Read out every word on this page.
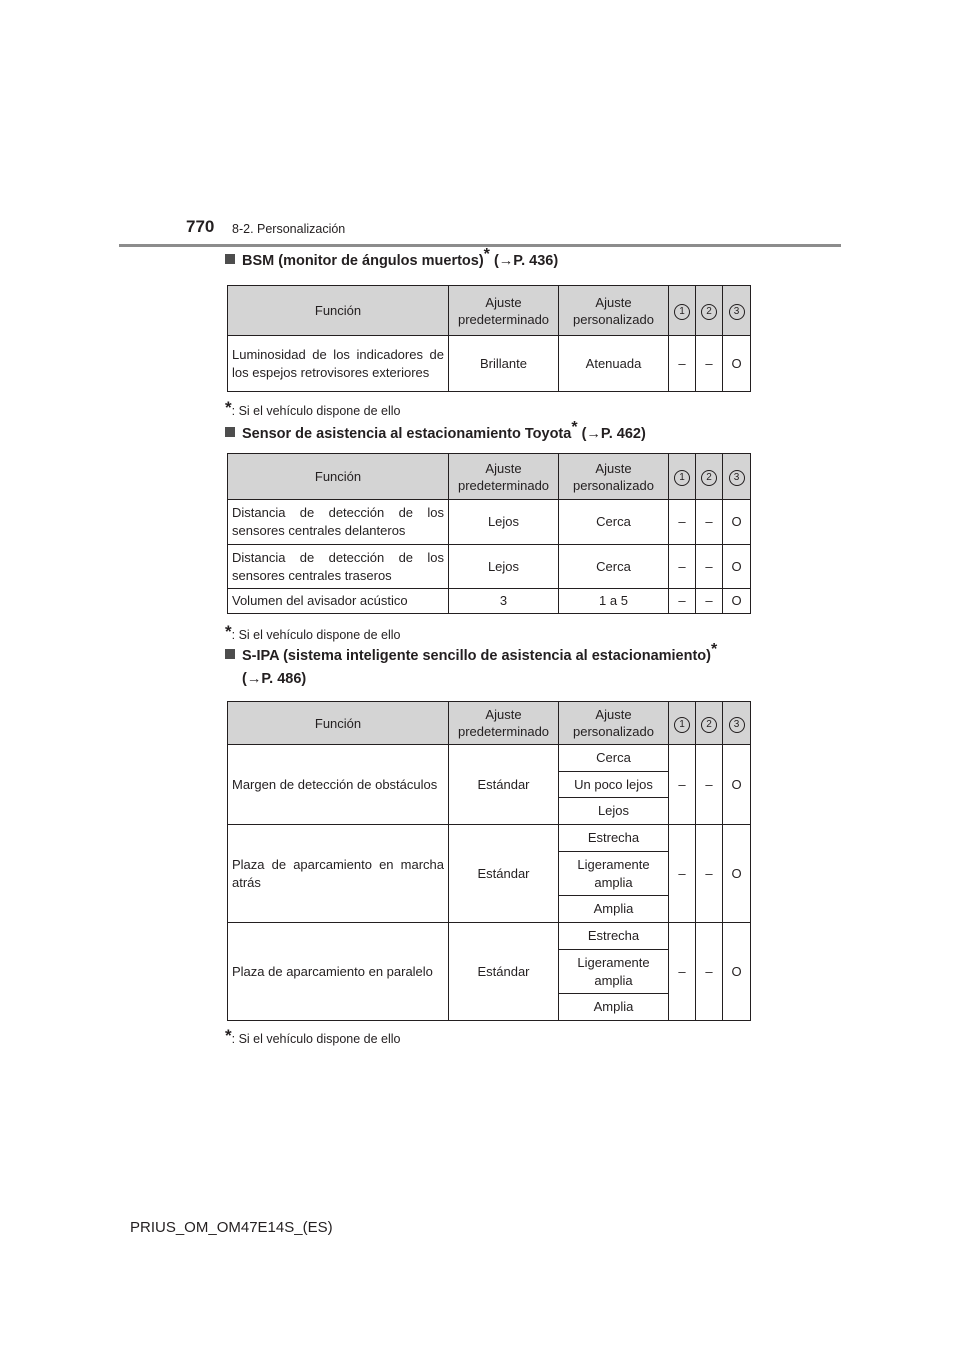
770 8-2. Personalización
BSM (monitor de ángulos muertos)* (→P. 436)
Función	Ajuste predeterminado	Ajuste personalizado	1	2	3
Luminosidad de los indicadores de los espejos retrovisores exteriores	Brillante	Atenuada	–	–	O
*: Si el vehículo dispone de ello
Sensor de asistencia al estacionamiento Toyota* (→P. 462)
Función	Ajuste predeterminado	Ajuste personalizado	1	2	3
Distancia de detección de los sensores centrales delanteros	Lejos	Cerca	–	–	O
Distancia de detección de los sensores centrales traseros	Lejos	Cerca	–	–	O
Volumen del avisador acústico	3	1 a 5	–	–	O
*: Si el vehículo dispone de ello
S-IPA (sistema inteligente sencillo de asistencia al estacionamiento)*
(→P. 486)
Función	Ajuste predeterminado	Ajuste personalizado	1	2	3
Margen de detección de obstáculos	Estándar	Cerca	–	–	O
		Un poco lejos			
		Lejos			
Plaza de aparcamiento en marcha atrás	Estándar	Estrecha	–	–	O
		Ligeramente amplia			
		Amplia			
Plaza de aparcamiento en paralelo	Estándar	Estrecha	–	–	O
		Ligeramente amplia			
		Amplia			
*: Si el vehículo dispone de ello
PRIUS_OM_OM47E14S_(ES)
